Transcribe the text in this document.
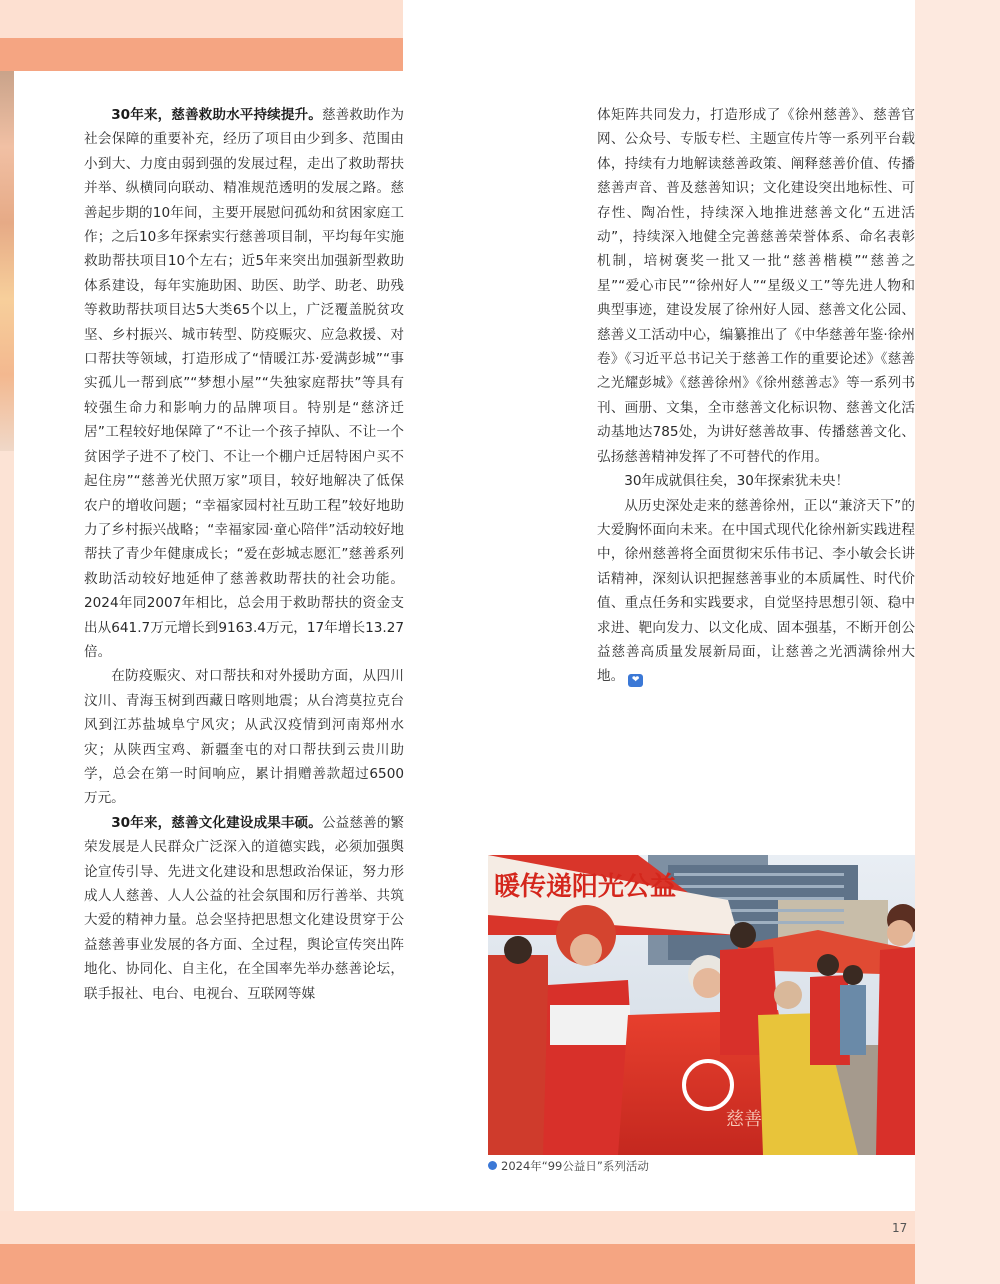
17

30年来，慈善救助水平持续提升。慈善救助作为社会保障的重要补充，经历了项目由少到多、范围由小到大、力度由弱到强的发展过程，走出了救助帮扶并举、纵横同向联动、精准规范透明的发展之路。慈善起步期的10年间，主要开展慰问孤幼和贫困家庭工作；之后10多年探索实行慈善项目制，平均每年实施救助帮扶项目10个左右；近5年来突出加强新型救助体系建设，每年实施助困、助医、助学、助老、助残等救助帮扶项目达5大类65个以上，广泛覆盖脱贫攻坚、乡村振兴、城市转型、防疫赈灾、应急救援、对口帮扶等领域，打造形成了“情暖江苏·爱满彭城”“事实孤儿一帮到底”“梦想小屋”“失独家庭帮扶”等具有较强生命力和影响力的品牌项目。特别是“慈济迁居”工程较好地保障了“不让一个孩子掉队、不让一个贫困学子进不了校门、不让一个棚户迁居特困户买不起住房”“慈善光伏照万家”项目，较好地解决了低保农户的增收问题；“幸福家园村社互助工程”较好地助力了乡村振兴战略；“幸福家园·童心陪伴”活动较好地帮扶了青少年健康成长；“爱在彭城志愿汇”慈善系列救助活动较好地延伸了慈善救助帮扶的社会功能。2024年同2007年相比，总会用于救助帮扶的资金支出从641.7万元增长到9163.4万元，17年增长13.27倍。

在防疫赈灾、对口帮扶和对外援助方面，从四川汶川、青海玉树到西藏日喀则地震；从台湾莫拉克台风到江苏盐城阜宁风灾；从武汉疫情到河南郑州水灾；从陕西宝鸡、新疆奎屯的对口帮扶到云贵川助学，总会在第一时间响应，累计捐赠善款超过6500万元。

30年来，慈善文化建设成果丰硕。公益慈善的繁荣发展是人民群众广泛深入的道德实践，必须加强舆论宣传引导、先进文化建设和思想政治保证，努力形成人人慈善、人人公益的社会氛围和厉行善举、共筑大爱的精神力量。总会坚持把思想文化建设贯穿于公益慈善事业发展的各方面、全过程，舆论宣传突出阵地化、协同化、自主化，在全国率先举办慈善论坛，联手报社、电台、电视台、互联网等媒

体矩阵共同发力，打造形成了《徐州慈善》、慈善官网、公众号、专版专栏、主题宣传片等一系列平台载体，持续有力地解读慈善政策、阐释慈善价值、传播慈善声音、普及慈善知识；文化建设突出地标性、可存性、陶冶性，持续深入地推进慈善文化“五进活动”，持续深入地健全完善慈善荣誉体系、命名表彰机制，培树褒奖一批又一批“慈善楷模”“慈善之星”“爱心市民”“徐州好人”“星级义工”等先进人物和典型事迹，建设发展了徐州好人园、慈善文化公园、慈善义工活动中心，编纂推出了《中华慈善年鉴·徐州卷》《习近平总书记关于慈善工作的重要论述》《慈善之光耀彭城》《慈善徐州》《徐州慈善志》等一系列书刊、画册、文集，全市慈善文化标识物、慈善文化活动基地达785处，为讲好慈善故事、传播慈善文化、弘扬慈善精神发挥了不可替代的作用。

30年成就俱往矣，30年探索犹未央！

从历史深处走来的慈善徐州，正以“兼济天下”的大爱胸怀面向未来。在中国式现代化徐州新实践进程中，徐州慈善将全面贯彻宋乐伟书记、李小敏会长讲话精神，深刻认识把握慈善事业的本质属性、时代价值、重点任务和实践要求，自觉坚持思想引领、稳中求进、靶向发力、以文化成、固本强基，不断开创公益慈善高质量发展新局面，让慈善之光洒满徐州大地。 ❤

暖传递阳光公益
慈善
2024年“99公益日”系列活动
